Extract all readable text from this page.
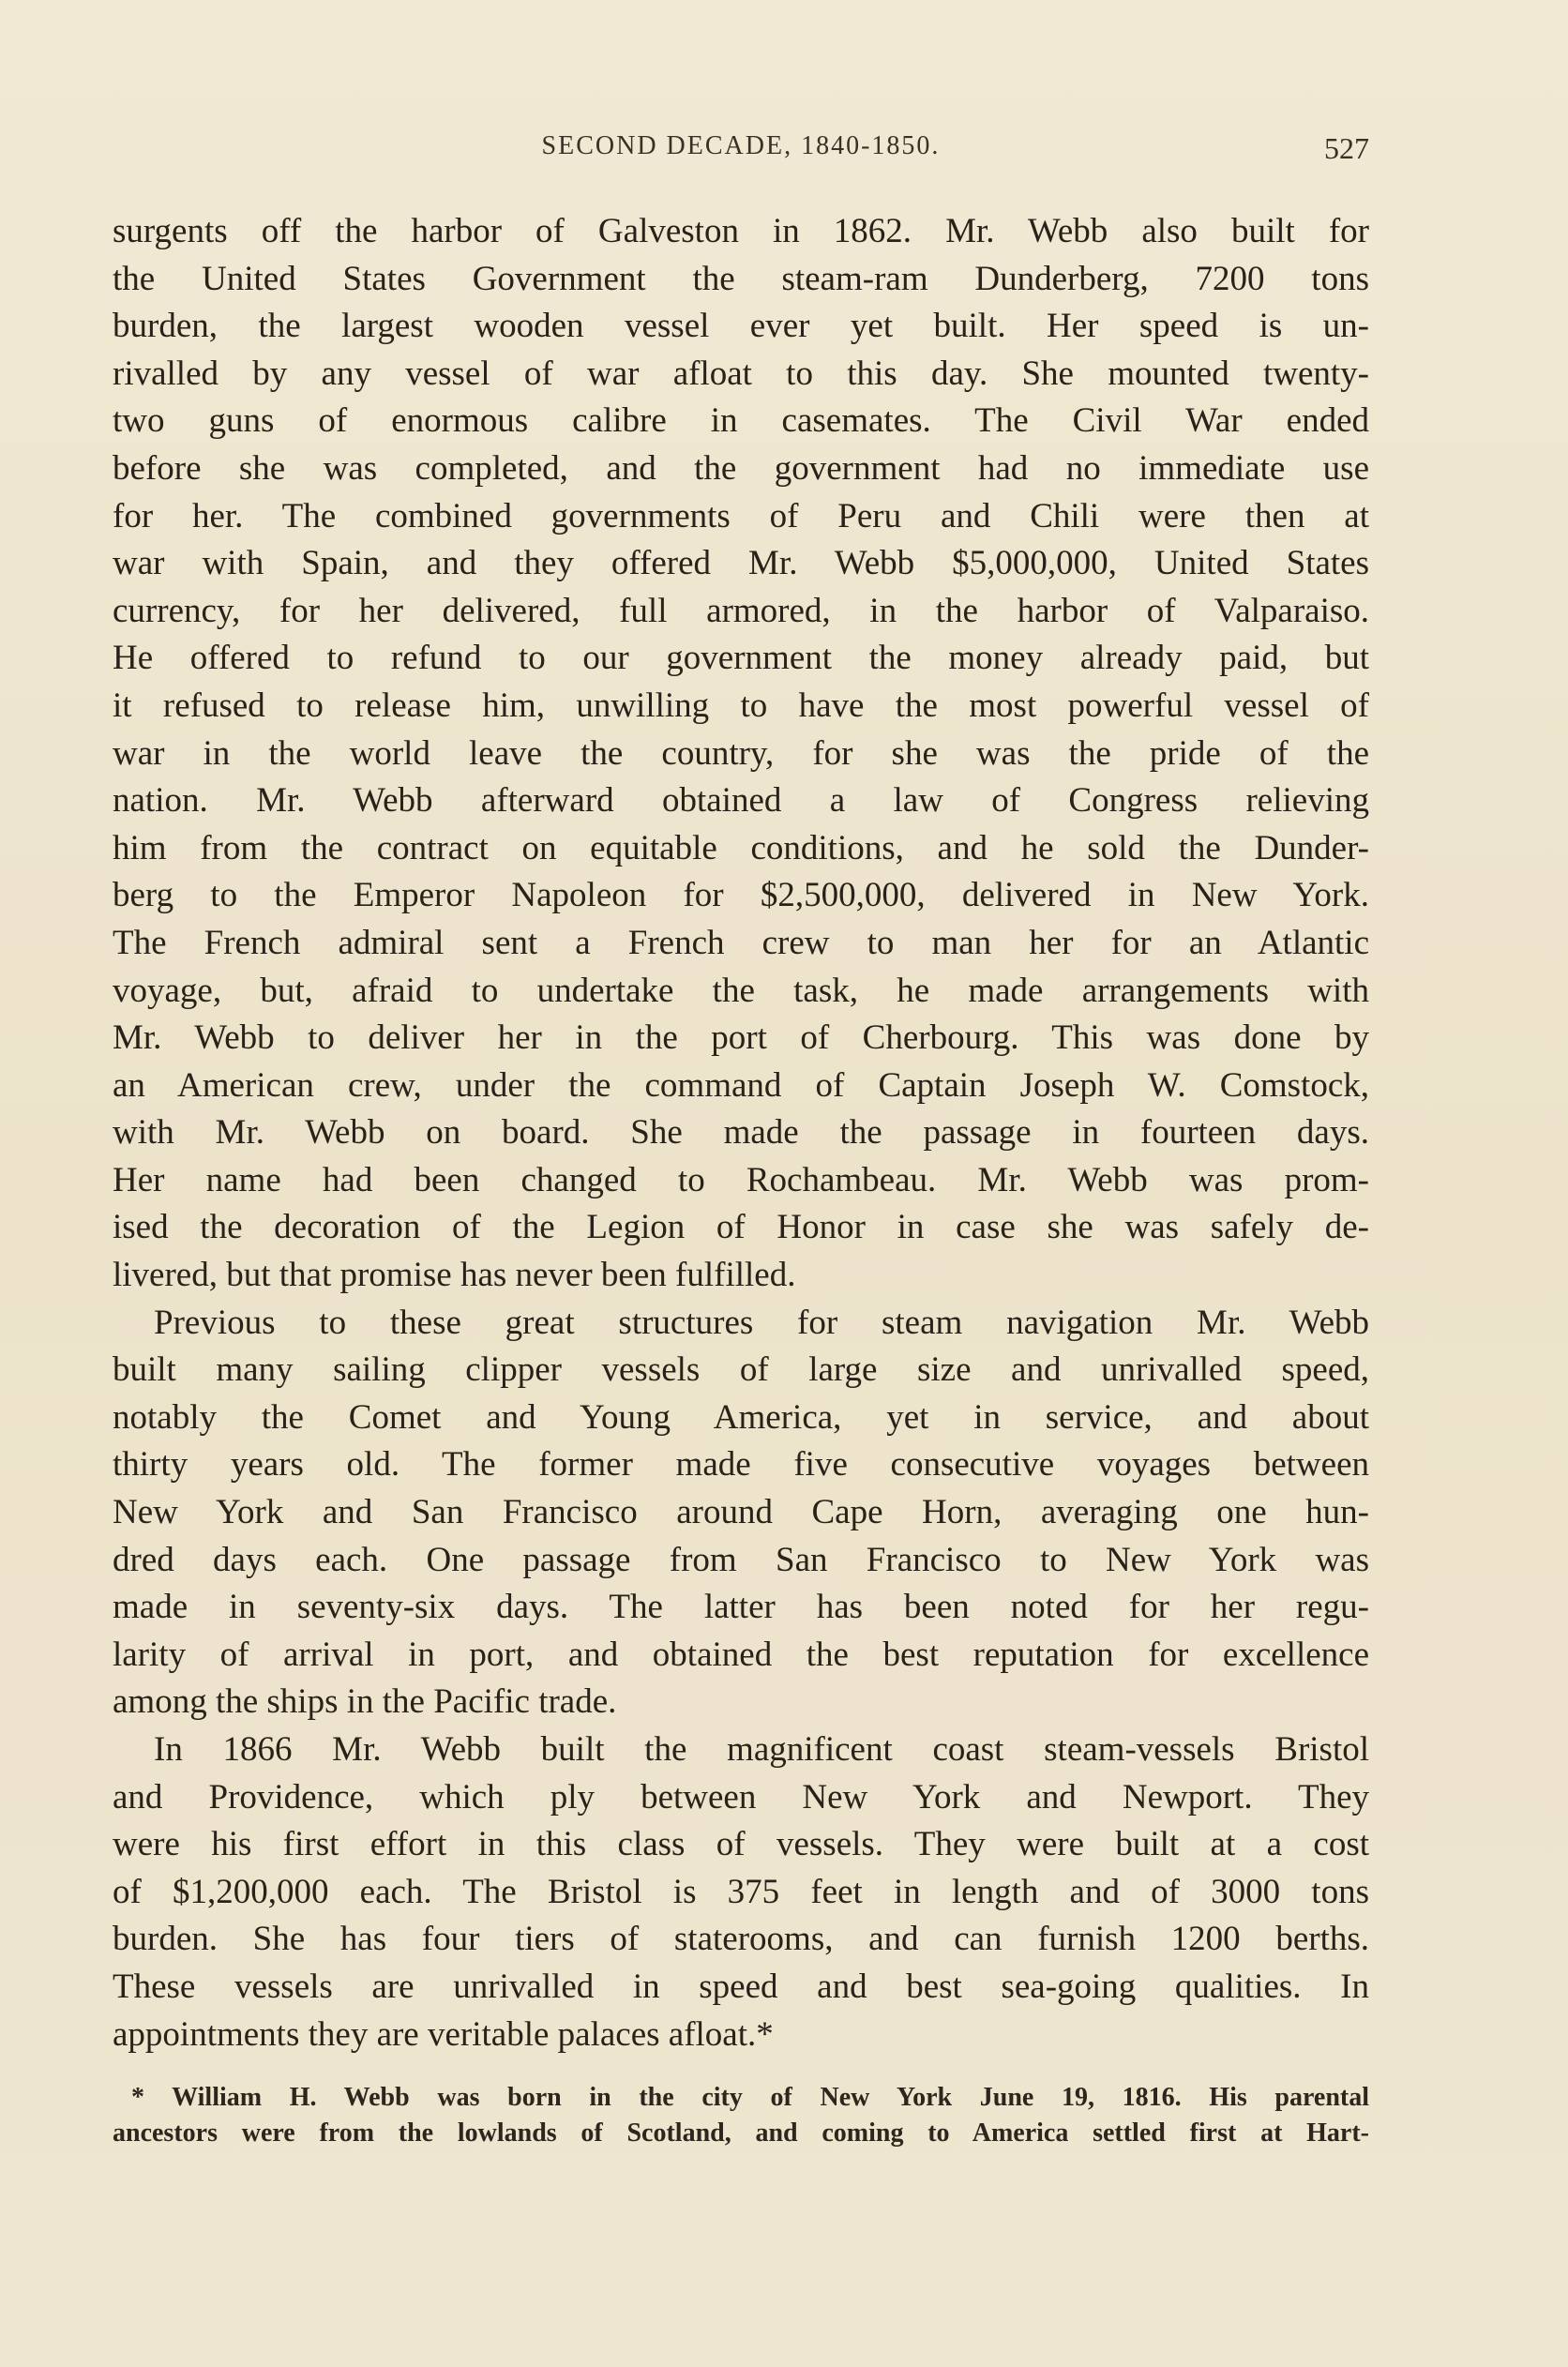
SECOND DECADE, 1840-1850.	527
surgents off the harbor of Galveston in 1862. Mr. Webb also built for
the United States Government the steam-ram Dunderberg, 7200 tons
burden, the largest wooden vessel ever yet built. Her speed is un-
rivalled by any vessel of war afloat to this day. She mounted twenty-
two guns of enormous calibre in casemates. The Civil War ended
before she was completed, and the government had no immediate use
for her. The combined governments of Peru and Chili were then at
war with Spain, and they offered Mr. Webb $5,000,000, United States
currency, for her delivered, full armored, in the harbor of Valparaiso.
He offered to refund to our government the money already paid, but
it refused to release him, unwilling to have the most powerful vessel of
war in the world leave the country, for she was the pride of the
nation. Mr. Webb afterward obtained a law of Congress relieving
him from the contract on equitable conditions, and he sold the Dunder-
berg to the Emperor Napoleon for $2,500,000, delivered in New York.
The French admiral sent a French crew to man her for an Atlantic
voyage, but, afraid to undertake the task, he made arrangements with
Mr. Webb to deliver her in the port of Cherbourg. This was done by
an American crew, under the command of Captain Joseph W. Comstock,
with Mr. Webb on board. She made the passage in fourteen days.
Her name had been changed to Rochambeau. Mr. Webb was prom-
ised the decoration of the Legion of Honor in case she was safely de-
livered, but that promise has never been fulfilled.
Previous to these great structures for steam navigation Mr. Webb
built many sailing clipper vessels of large size and unrivalled speed,
notably the Comet and Young America, yet in service, and about
thirty years old. The former made five consecutive voyages between
New York and San Francisco around Cape Horn, averaging one hun-
dred days each. One passage from San Francisco to New York was
made in seventy-six days. The latter has been noted for her regu-
larity of arrival in port, and obtained the best reputation for excellence
among the ships in the Pacific trade.
In 1866 Mr. Webb built the magnificent coast steam-vessels Bristol
and Providence, which ply between New York and Newport. They
were his first effort in this class of vessels. They were built at a cost
of $1,200,000 each. The Bristol is 375 feet in length and of 3000 tons
burden. She has four tiers of staterooms, and can furnish 1200 berths.
These vessels are unrivalled in speed and best sea-going qualities. In
appointments they are veritable palaces afloat.*
* William H. Webb was born in the city of New York June 19, 1816. His parental
ancestors were from the lowlands of Scotland, and coming to America settled first at Hart-
